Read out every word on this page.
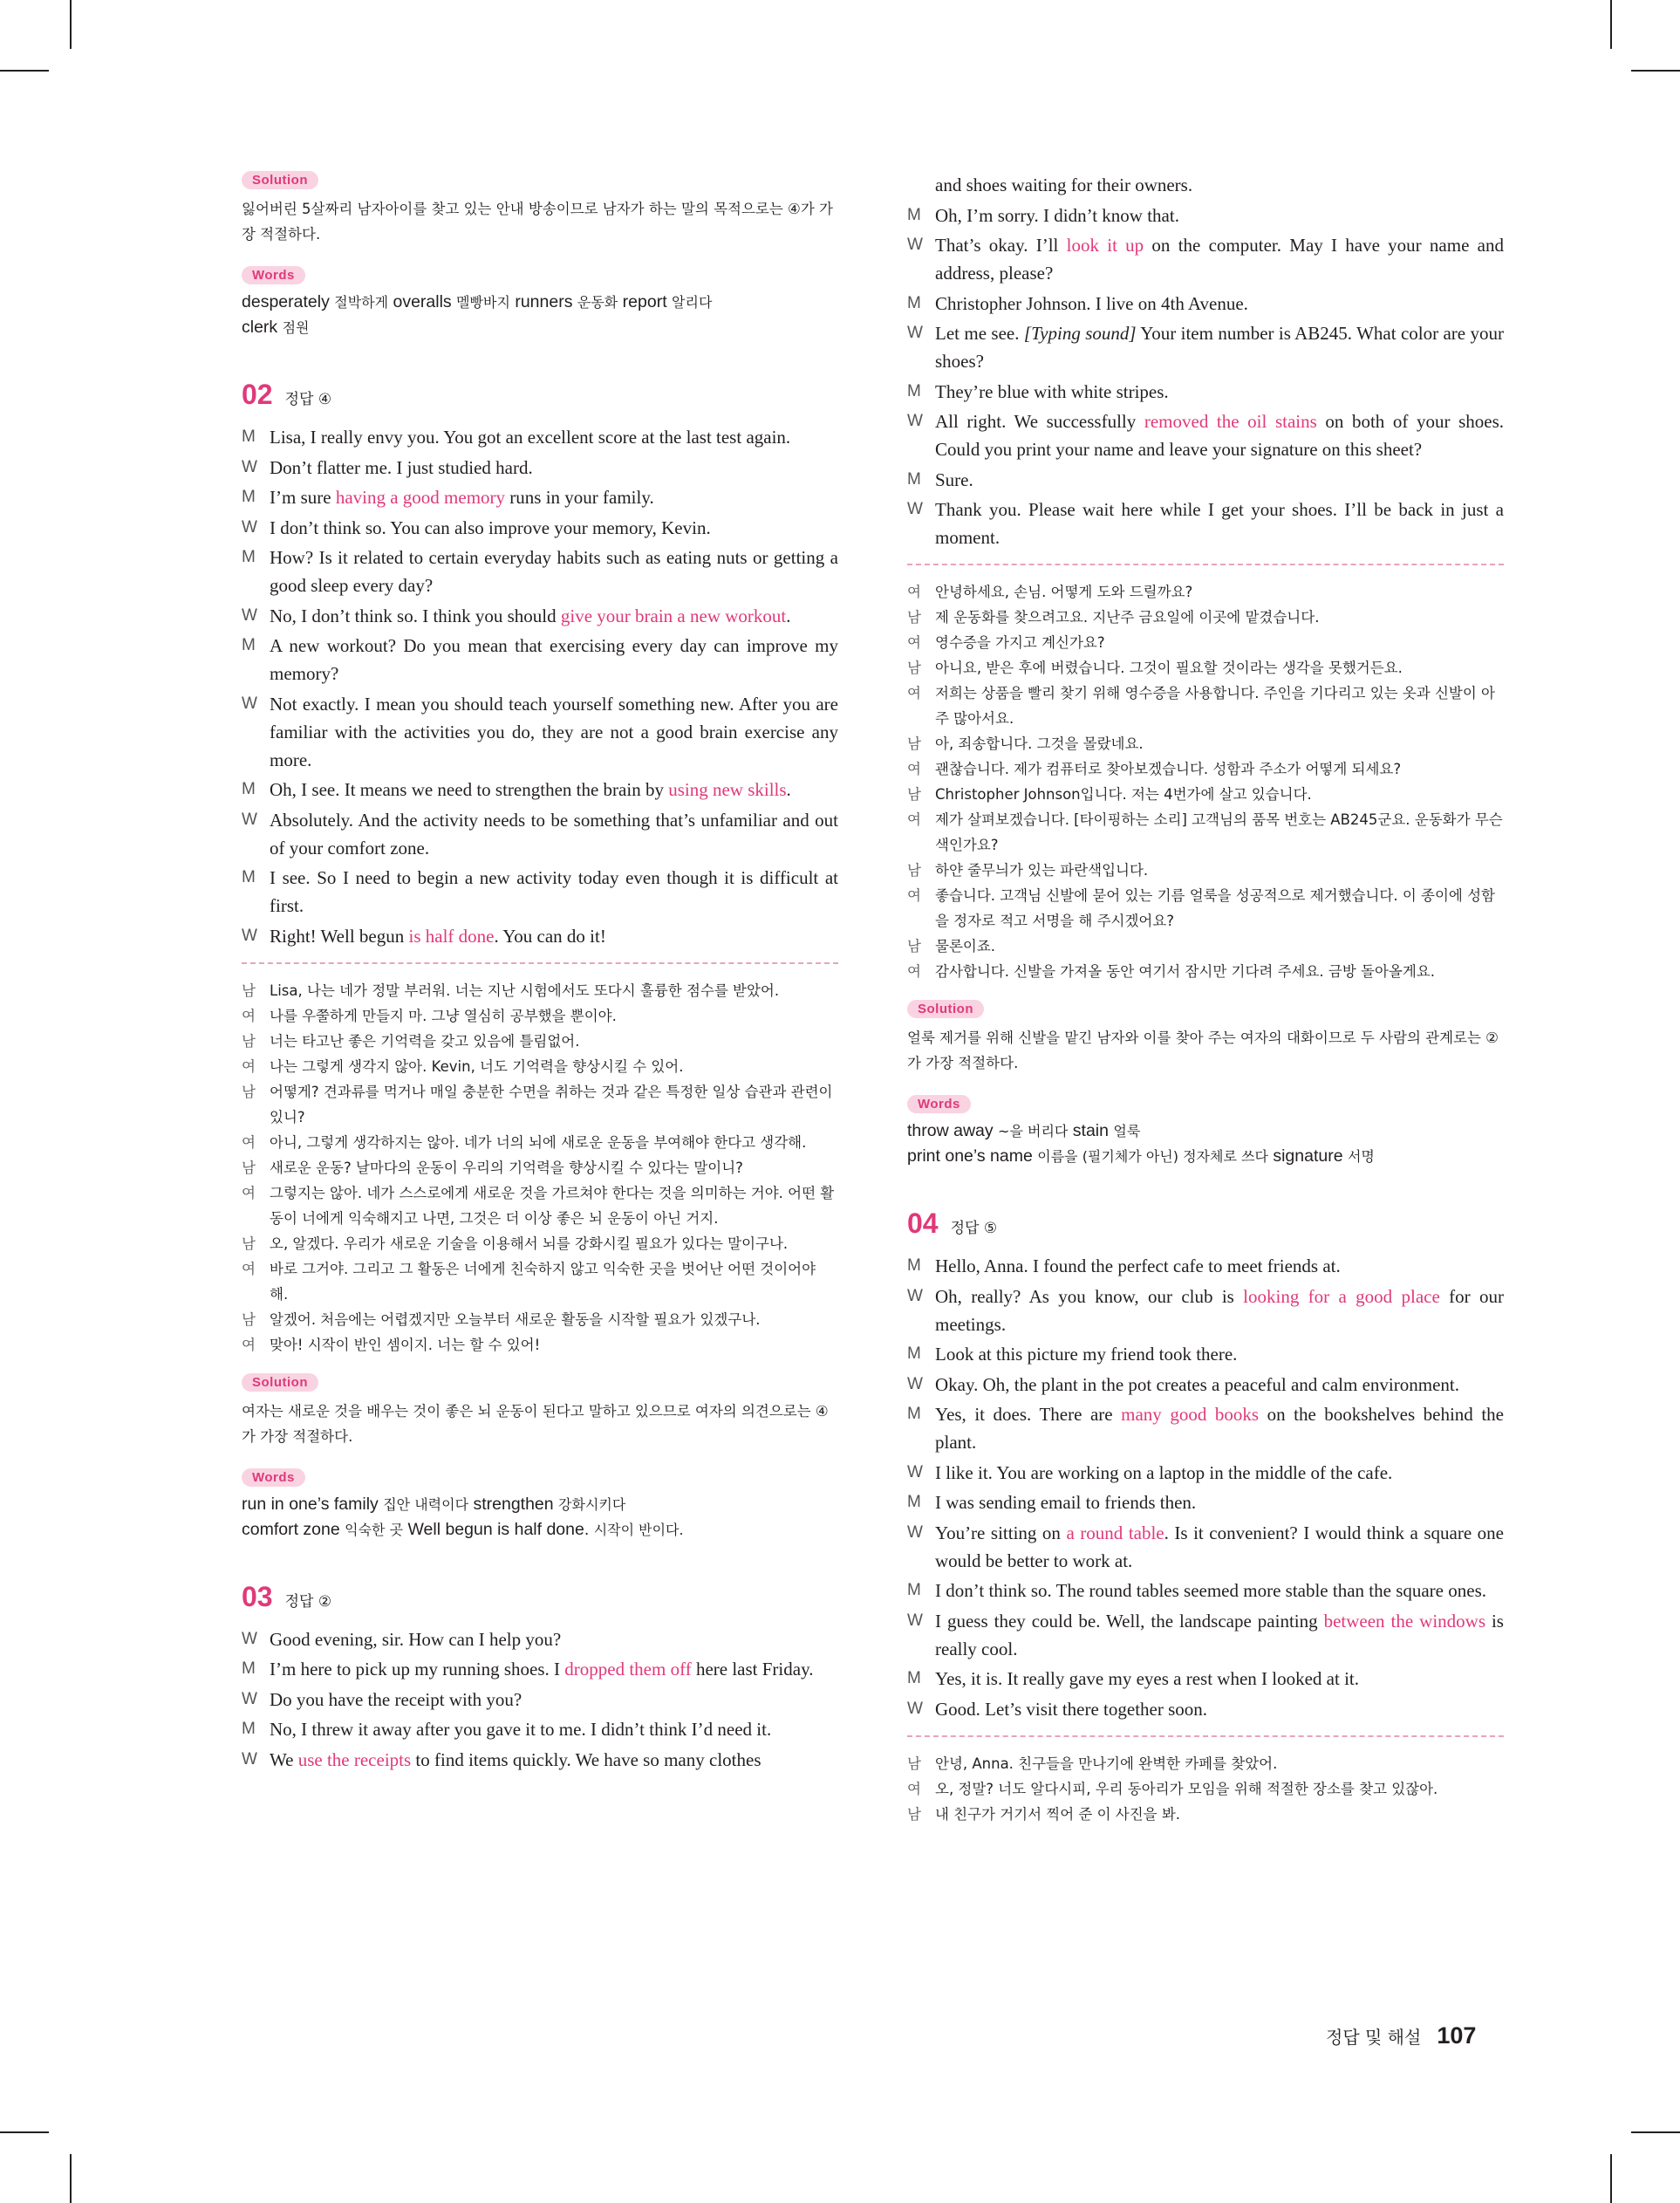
Solution
잃어버린 5살짜리 남자아이를 찾고 있는 안내 방송이므로 남자가 하는 말의 목적으로는 ④가 가장 적절하다.
Words
desperately 절박하게 overalls 멜빵바지 runners 운동화 report 알리다
clerk 점원
02 정답 ④
M Lisa, I really envy you. You got an excellent score at the last test again.
W Don’t flatter me. I just studied hard.
M I’m sure having a good memory runs in your family.
W I don’t think so. You can also improve your memory, Kevin.
M How? Is it related to certain everyday habits such as eating nuts or getting a good sleep every day?
W No, I don’t think so. I think you should give your brain a new workout.
M A new workout? Do you mean that exercising every day can improve my memory?
W Not exactly. I mean you should teach yourself something new. After you are familiar with the activities you do, they are not a good brain exercise any more.
M Oh, I see. It means we need to strengthen the brain by using new skills.
W Absolutely. And the activity needs to be something that’s unfamiliar and out of your comfort zone.
M I see. So I need to begin a new activity today even though it is difficult at first.
W Right! Well begun is half done. You can do it!
남 Lisa, 나는 네가 정말 부러워. 너는 지난 시험에서도 또다시 훌륭한 점수를 받았어.
여 나를 우쭐하게 만들지 마. 그냥 열심히 공부했을 뿐이야.
남 너는 타고난 좋은 기억력을 갖고 있음에 틀림없어.
여 나는 그렇게 생각지 않아. Kevin, 너도 기억력을 향상시킬 수 있어.
남 어떻게? 견과류를 먹거나 매일 충분한 수면을 취하는 것과 같은 특정한 일상 습관과 관련이 있니?
여 아니, 그렇게 생각하지는 않아. 네가 너의 뇌에 새로운 운동을 부여해야 한다고 생각해.
남 새로운 운동? 날마다의 운동이 우리의 기억력을 향상시킬 수 있다는 말이니?
여 그렇지는 않아. 네가 스스로에게 새로운 것을 가르쳐야 한다는 것을 의미하는 거야. 어떤 활동이 너에게 익숙해지고 나면, 그것은 더 이상 좋은 뇌 운동이 아닌 거지.
남 오, 알겠다. 우리가 새로운 기술을 이용해서 뇌를 강화시킬 필요가 있다는 말이구나.
여 바로 그거야. 그리고 그 활동은 너에게 친숙하지 않고 익숙한 곳을 벗어난 어떤 것이어야 해.
남 알겠어. 처음에는 어렵겠지만 오늘부터 새로운 활동을 시작할 필요가 있겠구나.
여 맞아! 시작이 반인 셈이지. 너는 할 수 있어!
Solution
여자는 새로운 것을 배우는 것이 좋은 뇌 운동이 된다고 말하고 있으므로 여자의 의견으로는 ④가 가장 적절하다.
Words
run in one’s family 집안 내력이다 strengthen 강화시키다
comfort zone 익숙한 곳 Well begun is half done. 시작이 반이다.
03 정답 ②
W Good evening, sir. How can I help you?
M I’m here to pick up my running shoes. I dropped them off here last Friday.
W Do you have the receipt with you?
M No, I threw it away after you gave it to me. I didn’t think I’d need it.
W We use the receipts to find items quickly. We have so many clothes
and shoes waiting for their owners.
M Oh, I’m sorry. I didn’t know that.
W That’s okay. I’ll look it up on the computer. May I have your name and address, please?
M Christopher Johnson. I live on 4th Avenue.
W Let me see. [Typing sound] Your item number is AB245. What color are your shoes?
M They’re blue with white stripes.
W All right. We successfully removed the oil stains on both of your shoes. Could you print your name and leave your signature on this sheet?
M Sure.
W Thank you. Please wait here while I get your shoes. I’ll be back in just a moment.
여 안녕하세요, 손님. 어떻게 도와 드릴까요?
남 제 운동화를 찾으려고요. 지난주 금요일에 이곳에 맡겼습니다.
여 영수증을 가지고 계신가요?
남 아니요, 받은 후에 버렸습니다. 그것이 필요할 것이라는 생각을 못했거든요.
여 저희는 상품을 빨리 찾기 위해 영수증을 사용합니다. 주인을 기다리고 있는 옷과 신발이 아주 많아서요.
남 아, 죄송합니다. 그것을 몰랐네요.
여 괜찮습니다. 제가 컴퓨터로 찾아보겠습니다. 성함과 주소가 어떻게 되세요?
남 Christopher Johnson입니다. 저는 4번가에 살고 있습니다.
여 제가 살펴보겠습니다. [타이핑하는 소리] 고객님의 품목 번호는 AB245군요. 운동화가 무슨 색인가요?
남 하얀 줄무늬가 있는 파란색입니다.
여 좋습니다. 고객님 신발에 묻어 있는 기름 얼룩을 성공적으로 제거했습니다. 이 종이에 성함을 정자로 적고 서명을 해 주시겠어요?
남 물론이죠.
여 감사합니다. 신발을 가져올 동안 여기서 잠시만 기다려 주세요. 금방 돌아올게요.
Solution
얼룩 제거를 위해 신발을 맡긴 남자와 이를 찾아 주는 여자의 대화이므로 두 사람의 관계로는 ②가 가장 적절하다.
Words
throw away ~을 버리다 stain 얼룩
print one’s name 이름을 (필기체가 아닌) 정자체로 쓰다 signature 서명
04 정답 ⑤
M Hello, Anna. I found the perfect cafe to meet friends at.
W Oh, really? As you know, our club is looking for a good place for our meetings.
M Look at this picture my friend took there.
W Okay. Oh, the plant in the pot creates a peaceful and calm environment.
M Yes, it does. There are many good books on the bookshelves behind the plant.
W I like it. You are working on a laptop in the middle of the cafe.
M I was sending email to friends then.
W You’re sitting on a round table. Is it convenient? I would think a square one would be better to work at.
M I don’t think so. The round tables seemed more stable than the square ones.
W I guess they could be. Well, the landscape painting between the windows is really cool.
M Yes, it is. It really gave my eyes a rest when I looked at it.
W Good. Let’s visit there together soon.
남 안녕, Anna. 친구들을 만나기에 완벽한 카페를 찾았어.
여 오, 정말? 너도 알다시피, 우리 동아리가 모임을 위해 적절한 장소를 찾고 있잖아.
남 내 친구가 거기서 찍어 준 이 사진을 봐.
정답 및 해설 107
